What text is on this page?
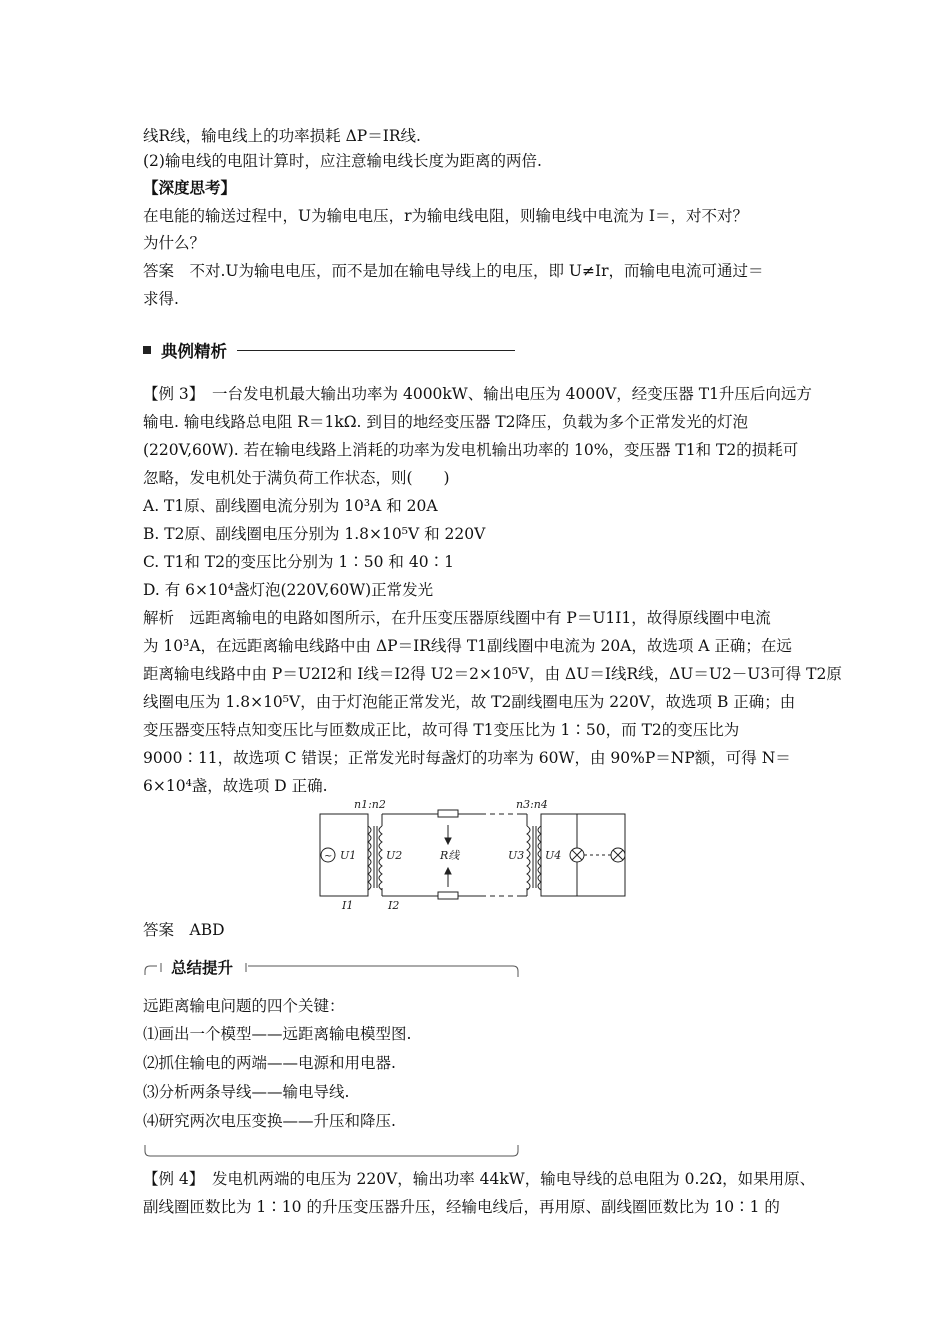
线R线，输电线上的功率损耗 ΔP＝IR线.
(2)输电线的电阻计算时，应注意输电线长度为距离的两倍.
【深度思考】
在电能的输送过程中，U为输电电压，r为输电线电阻，则输电线中电流为 I＝，对不对？
为什么？
答案　不对.U为输电电压，而不是加在输电导线上的电压，即 U≠Ir，而输电电流可通过＝
求得.
典例精析
【例 3】　一台发电机最大输出功率为 4000kW、输出电压为 4000V，经变压器 T1升压后向远方
输电. 输电线路总电阻 R＝1kΩ. 到目的地经变压器 T2降压，负载为多个正常发光的灯泡
(220V,60W). 若在输电线路上消耗的功率为发电机输出功率的 10%，变压器 T1和 T2的损耗可
忽略，发电机处于满负荷工作状态，则(　　)
A. T1原、副线圈电流分别为 10³A 和 20A
B. T2原、副线圈电压分别为 1.8×10⁵V 和 220V
C. T1和 T2的变压比分别为 1∶50 和 40∶1
D. 有 6×10⁴盏灯泡(220V,60W)正常发光
解析　远距离输电的电路如图所示，在升压变压器原线圈中有 P＝U1I1，故得原线圈中电流
为 10³A，在远距离输电线路中由 ΔP＝IR线得 T1副线圈中电流为 20A，故选项 A 正确；在远
距离输电线路中由 P＝U2I2和 I线＝I2得 U2＝2×10⁵V，由 ΔU＝I线R线，ΔU＝U2－U3可得 T2原
线圈电压为 1.8×10⁵V，由于灯泡能正常发光，故 T2副线圈电压为 220V，故选项 B 正确；由
变压器变压特点知变压比与匝数成正比，故可得 T1变压比为 1∶50，而 T2的变压比为
9000∶11，故选项 C 错误；正常发光时每盏灯的功率为 60W，由 90%P＝NP额，可得 N＝
6×10⁴盏，故选项 D 正确.
~
n1:n2	n3:n4
U1	U2	U3 U4
R线
I1	I2
答案　ABD
总结提升
远距离输电问题的四个关键：
⑴画出一个模型——远距离输电模型图.
⑵抓住输电的两端——电源和用电器.
⑶分析两条导线——输电导线.
⑷研究两次电压变换——升压和降压.
【例 4】　发电机两端的电压为 220V，输出功率 44kW，输电导线的总电阻为 0.2Ω，如果用原、
副线圈匝数比为 1∶10 的升压变压器升压，经输电线后，再用原、副线圈匝数比为 10∶1 的
